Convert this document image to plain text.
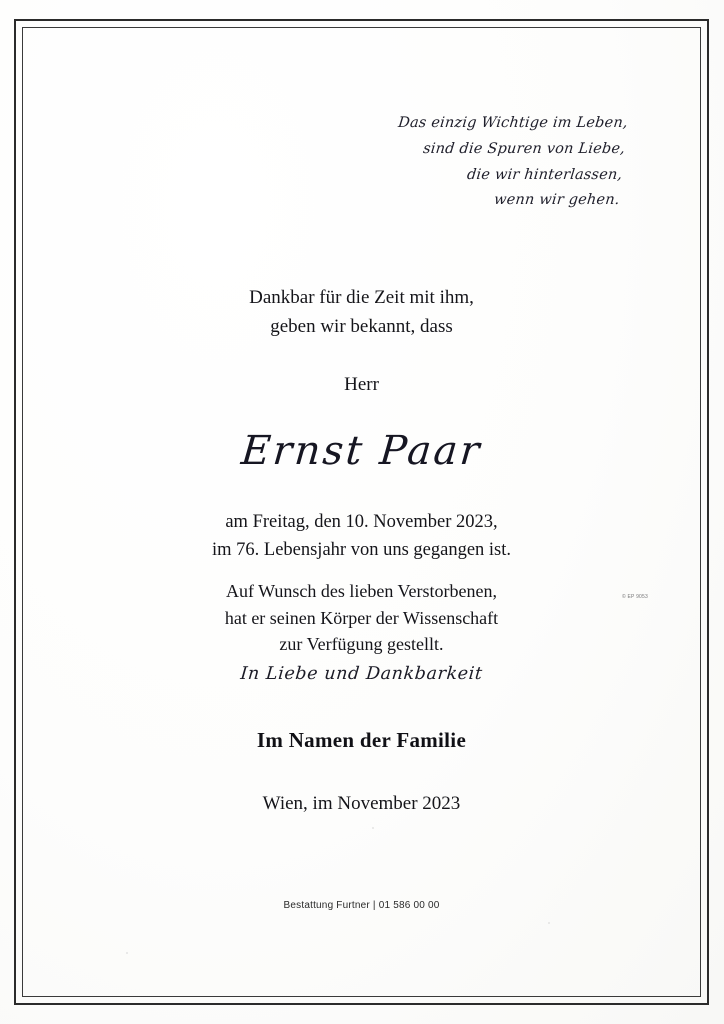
Das einzig Wichtige im Leben,
sind die Spuren von Liebe,
die wir hinterlassen,
wenn wir gehen.
Dankbar für die Zeit mit ihm,
geben wir bekannt, dass
Herr
Ernst Paar
am Freitag, den 10. November 2023,
im 76. Lebensjahr von uns gegangen ist.
Auf Wunsch des lieben Verstorbenen,
hat er seinen Körper der Wissenschaft
zur Verfügung gestellt.
In Liebe und Dankbarkeit
Im Namen der Familie
Wien, im November 2023
Bestattung Furtner | 01 586 00 00
© EP 9053
